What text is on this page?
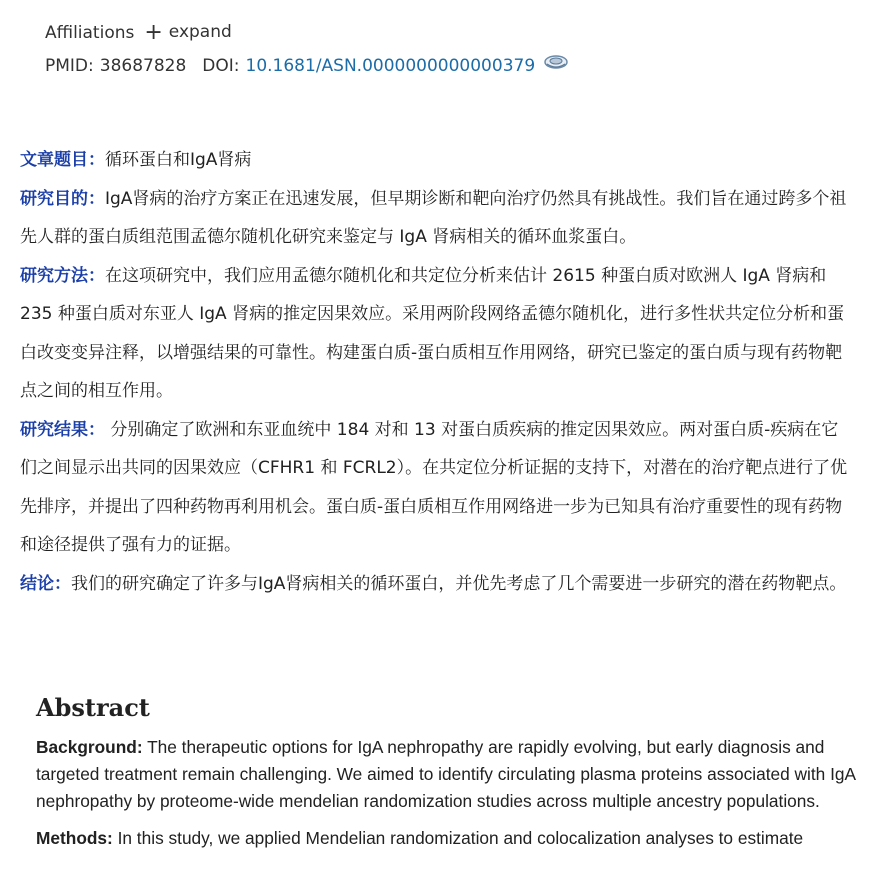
Affiliations + expand
PMID: 38687828 DOI: 10.1681/ASN.0000000000000379

文章题目：循环蛋白和IgA肾病

研究目的：IgA肾病的治疗方案正在迅速发展，但早期诊断和靶向治疗仍然具有挑战性。我们旨在通过跨多个祖先人群的蛋白质组范围孟德尔随机化研究来鉴定与 IgA 肾病相关的循环血浆蛋白。

研究方法：在这项研究中，我们应用孟德尔随机化和共定位分析来估计 2615 种蛋白质对欧洲人 IgA 肾病和 235 种蛋白质对东亚人 IgA 肾病的推定因果效应。采用两阶段网络孟德尔随机化，进行多性状共定位分析和蛋白改变变异注释，以增强结果的可靠性。构建蛋白质-蛋白质相互作用网络，研究已鉴定的蛋白质与现有药物靶点之间的相互作用。

研究结果： 分别确定了欧洲和东亚血统中 184 对和 13 对蛋白质疾病的推定因果效应。两对蛋白质-疾病在它们之间显示出共同的因果效应（CFHR1 和 FCRL2）。在共定位分析证据的支持下，对潜在的治疗靶点进行了优先排序，并提出了四种药物再利用机会。蛋白质-蛋白质相互作用网络进一步为已知具有治疗重要性的现有药物和途径提供了强有力的证据。

结论：我们的研究确定了许多与IgA肾病相关的循环蛋白，并优先考虑了几个需要进一步研究的潜在药物靶点。

Abstract

Background: The therapeutic options for IgA nephropathy are rapidly evolving, but early diagnosis and targeted treatment remain challenging. We aimed to identify circulating plasma proteins associated with IgA nephropathy by proteome-wide mendelian randomization studies across multiple ancestry populations.

Methods: In this study, we applied Mendelian randomization and colocalization analyses to estimate
